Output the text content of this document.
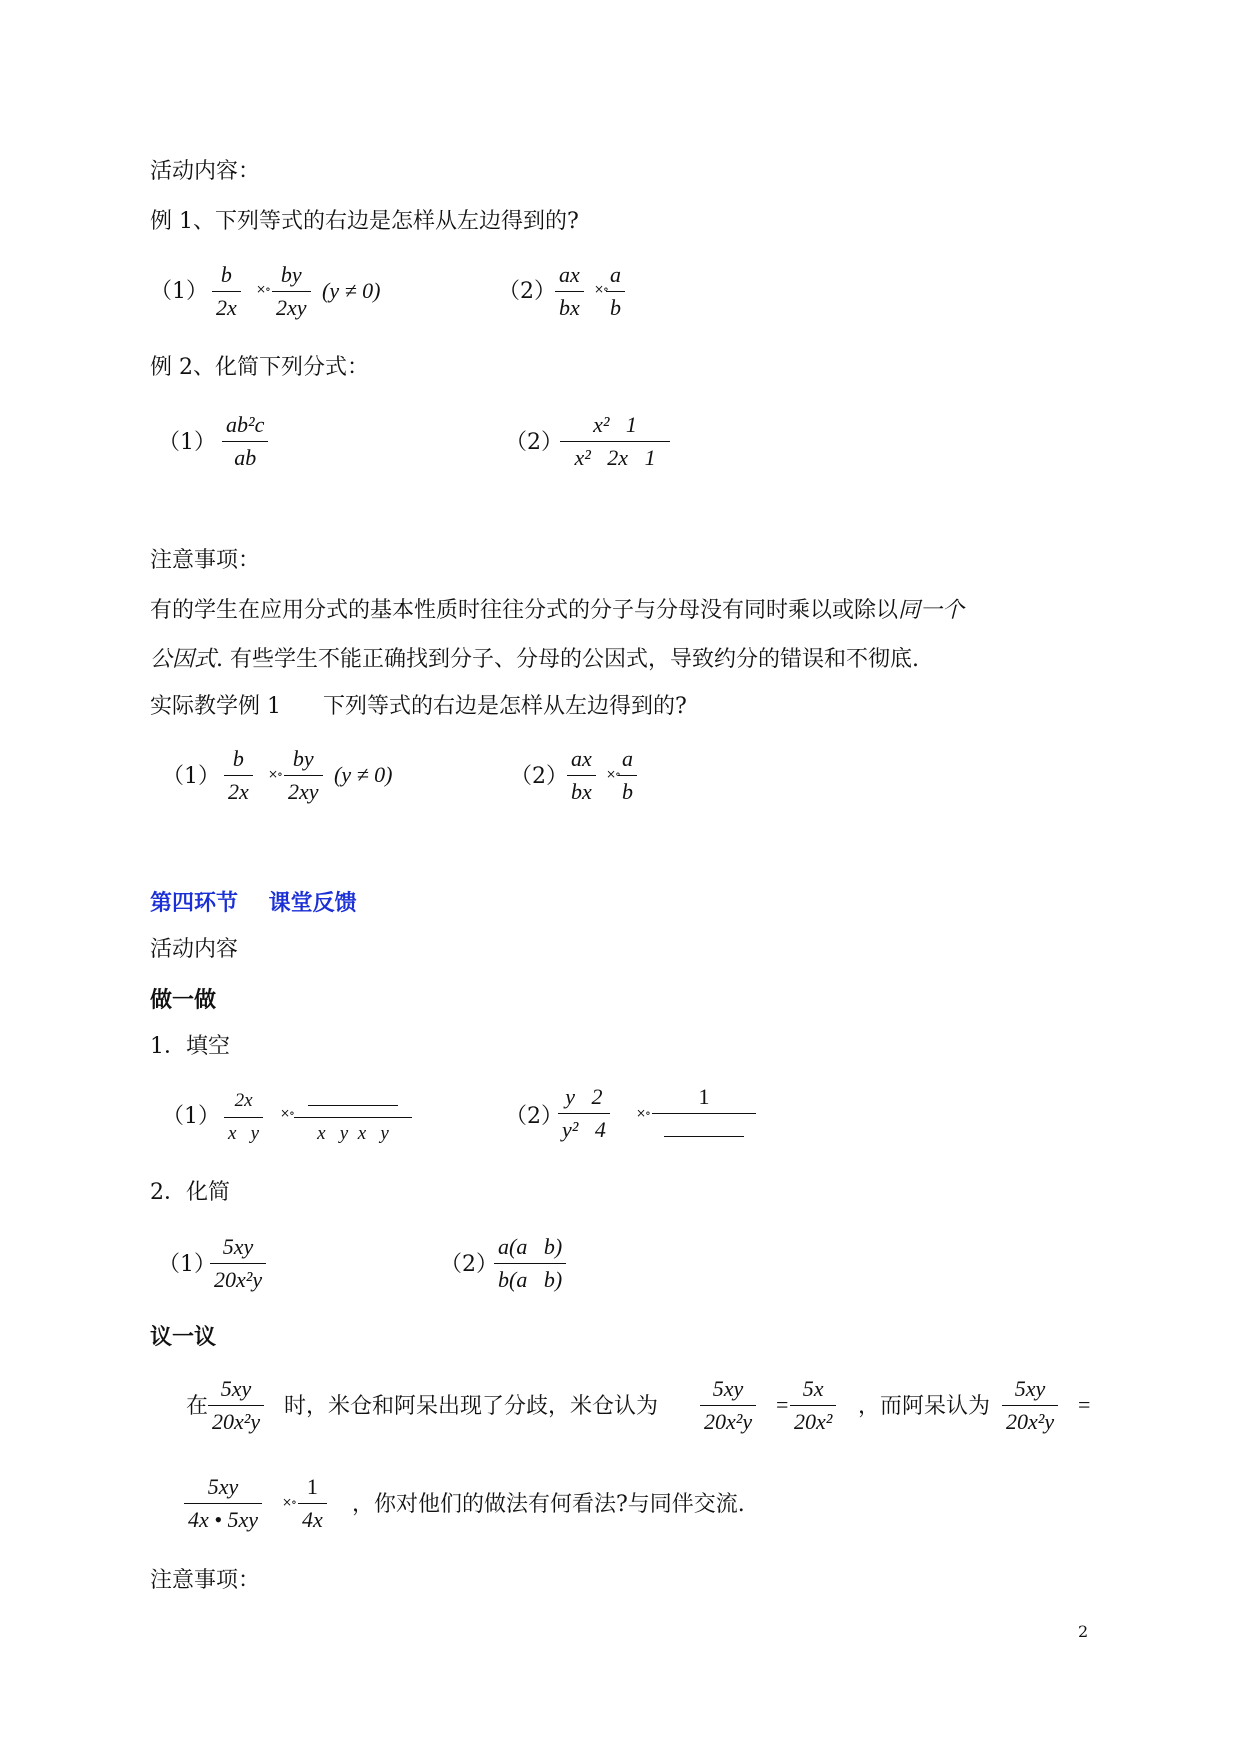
活动内容：
例 1、下列等式的右边是怎样从左边得到的?
（1）
b
2x
×∘
by
2xy
(y ≠ 0)	（2）
ax
bx
×∘
a
b
例 2、化简下列分式：
（1）
ab²c
ab
（2）
x²   1
x²   2x   1
注意事项：
有的学生在应用分式的基本性质时往往分式的分子与分母没有同时乘以或除以同一个
公因式. 有些学生不能正确找到分子、分母的公因式，导致约分的错误和不彻底.
实际教学例 1      下列等式的右边是怎样从左边得到的?
（1）
b
2x
×∘
by
2xy
(y ≠ 0)	（2）
ax
bx
×∘
a
b
第四环节    课堂反馈
活动内容
做一做
1．填空
（1）
2x
x   y
×∘
x   y  x   y
（2）
y   2
y²   4
×∘
1
2．化简
（1）
5xy
20x²y
（2）
a(a   b)
b(a   b)
议一议
在
5xy
20x²y
时，米仓和阿呆出现了分歧，米仓认为
5xy
20x²y
=
5x
20x²
，而阿呆认为
5xy
20x²y
=
5xy
4x • 5xy
×∘
1
4x
，你对他们的做法有何看法?与同伴交流.
注意事项：
2
